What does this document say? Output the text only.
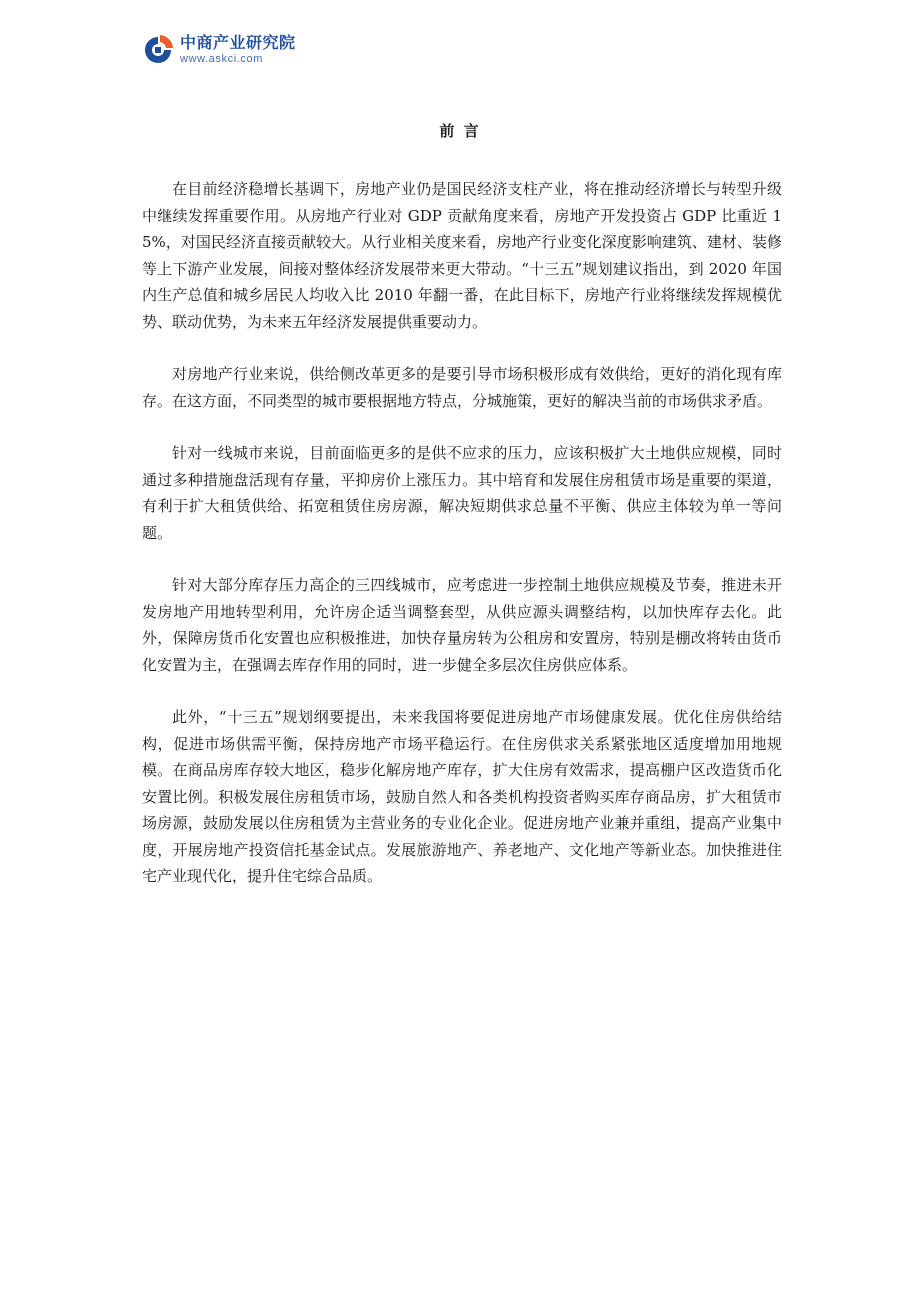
中商产业研究院
www.askci.com
前 言

在目前经济稳增长基调下，房地产业仍是国民经济支柱产业，将在推动经济增长与转型升级中继续发挥重要作用。从房地产行业对 GDP 贡献角度来看，房地产开发投资占 GDP 比重近 15%，对国民经济直接贡献较大。从行业相关度来看，房地产行业变化深度影响建筑、建材、装修等上下游产业发展，间接对整体经济发展带来更大带动。“十三五”规划建议指出，到 2020 年国内生产总值和城乡居民人均收入比 2010 年翻一番，在此目标下，房地产行业将继续发挥规模优势、联动优势，为未来五年经济发展提供重要动力。

对房地产行业来说，供给侧改革更多的是要引导市场积极形成有效供给，更好的消化现有库存。在这方面，不同类型的城市要根据地方特点，分城施策，更好的解决当前的市场供求矛盾。

针对一线城市来说，目前面临更多的是供不应求的压力，应该积极扩大土地供应规模，同时通过多种措施盘活现有存量，平抑房价上涨压力。其中培育和发展住房租赁市场是重要的渠道，有利于扩大租赁供给、拓宽租赁住房房源，解决短期供求总量不平衡、供应主体较为单一等问题。

针对大部分库存压力高企的三四线城市，应考虑进一步控制土地供应规模及节奏，推进未开发房地产用地转型利用，允许房企适当调整套型，从供应源头调整结构，以加快库存去化。此外，保障房货币化安置也应积极推进，加快存量房转为公租房和安置房，特别是棚改将转由货币化安置为主，在强调去库存作用的同时，进一步健全多层次住房供应体系。

此外，“十三五”规划纲要提出，未来我国将要促进房地产市场健康发展。优化住房供给结构，促进市场供需平衡，保持房地产市场平稳运行。在住房供求关系紧张地区适度增加用地规模。在商品房库存较大地区，稳步化解房地产库存，扩大住房有效需求，提高棚户区改造货币化安置比例。积极发展住房租赁市场，鼓励自然人和各类机构投资者购买库存商品房，扩大租赁市场房源，鼓励发展以住房租赁为主营业务的专业化企业。促进房地产业兼并重组，提高产业集中度，开展房地产投资信托基金试点。发展旅游地产、养老地产、文化地产等新业态。加快推进住宅产业现代化，提升住宅综合品质。
